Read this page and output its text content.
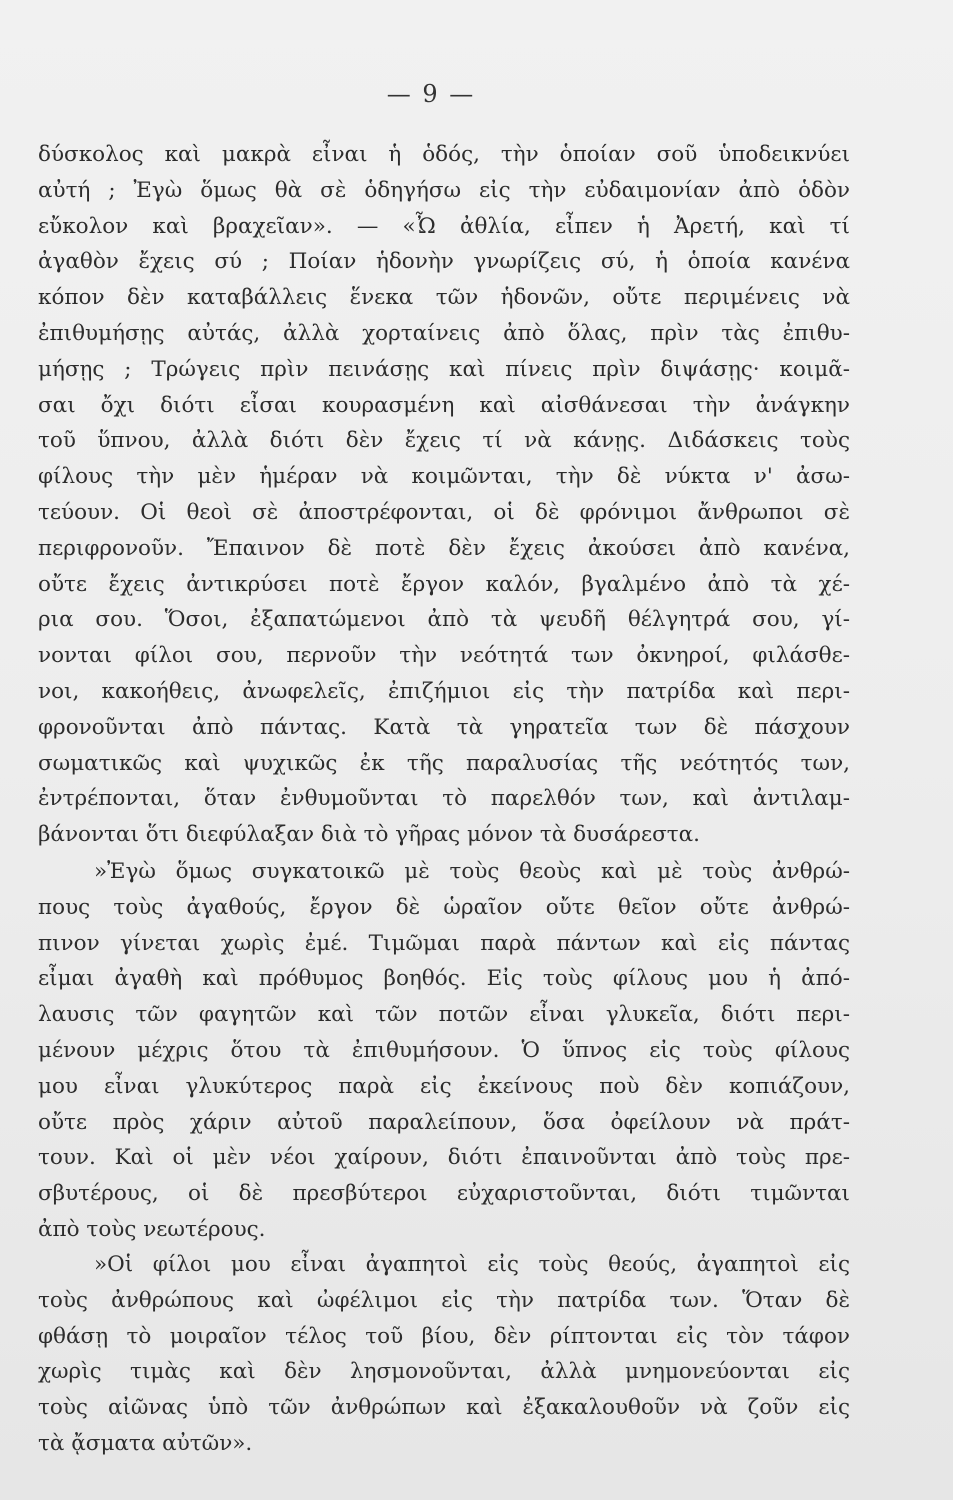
— 9 —
δύσκολος καὶ μακρὰ εἶναι ἡ ὁδός, τὴν ὁποίαν σοῦ ὑποδεικνύει
αὐτή ; Ἐγὼ ὅμως θὰ σὲ ὁδηγήσω εἰς τὴν εὐδαιμονίαν ἀπὸ ὁδὸν
εὔκολον καὶ βραχεῖαν». — «Ὦ ἀθλία, εἶπεν ἡ Ἀρετή, καὶ τί
ἀγαθὸν ἔχεις σύ ; Ποίαν ἡδονὴν γνωρίζεις σύ, ἡ ὁποία κανένα
κόπον δὲν καταβάλλεις ἕνεκα τῶν ἡδονῶν, οὔτε περιμένεις νὰ
ἐπιθυμήσῃς αὐτάς, ἀλλὰ χορταίνεις ἀπὸ ὅλας, πρὶν τὰς ἐπιθυ-
μήσῃς ; Τρώγεις πρὶν πεινάσῃς καὶ πίνεις πρὶν διψάσῃς· κοιμᾶ-
σαι ὄχι διότι εἶσαι κουρασμένη καὶ αἰσθάνεσαι τὴν ἀνάγκην
τοῦ ὕπνου, ἀλλὰ διότι δὲν ἔχεις τί νὰ κάνῃς. Διδάσκεις τοὺς
φίλους τὴν μὲν ἡμέραν νὰ κοιμῶνται, τὴν δὲ νύκτα ν' ἀσω-
τεύουν. Οἱ θεοὶ σὲ ἀποστρέφονται, οἱ δὲ φρόνιμοι ἄνθρωποι σὲ
περιφρονοῦν. Ἔπαινον δὲ ποτὲ δὲν ἔχεις ἀκούσει ἀπὸ κανένα,
οὔτε ἔχεις ἀντικρύσει ποτὲ ἔργον καλόν, βγαλμένο ἀπὸ τὰ χέ-
ρια σου. Ὅσοι, ἐξαπατώμενοι ἀπὸ τὰ ψευδῆ θέλγητρά σου, γί-
νονται φίλοι σου, περνοῦν τὴν νεότητά των ὀκνηροί, φιλάσθε-
νοι, κακοήθεις, ἀνωφελεῖς, ἐπιζήμιοι εἰς τὴν πατρίδα καὶ περι-
φρονοῦνται ἀπὸ πάντας. Κατὰ τὰ γηρατεῖα των δὲ πάσχουν
σωματικῶς καὶ ψυχικῶς ἐκ τῆς παραλυσίας τῆς νεότητός των,
ἐντρέπονται, ὅταν ἐνθυμοῦνται τὸ παρελθόν των, καὶ ἀντιλαμ-
βάνονται ὅτι διεφύλαξαν διὰ τὸ γῆρας μόνον τὰ δυσάρεστα.
»Ἐγὼ ὅμως συγκατοικῶ μὲ τοὺς θεοὺς καὶ μὲ τοὺς ἀνθρώ-
πους τοὺς ἀγαθούς, ἔργον δὲ ὡραῖον οὔτε θεῖον οὔτε ἀνθρώ-
πινον γίνεται χωρὶς ἐμέ. Τιμῶμαι παρὰ πάντων καὶ εἰς πάντας
εἶμαι ἀγαθὴ καὶ πρόθυμος βοηθός. Εἰς τοὺς φίλους μου ἡ ἀπό-
λαυσις τῶν φαγητῶν καὶ τῶν ποτῶν εἶναι γλυκεῖα, διότι περι-
μένουν μέχρις ὅτου τὰ ἐπιθυμήσουν. Ὁ ὕπνος εἰς τοὺς φίλους
μου εἶναι γλυκύτερος παρὰ εἰς ἐκείνους ποὺ δὲν κοπιάζουν,
οὔτε πρὸς χάριν αὐτοῦ παραλείπουν, ὅσα ὀφείλουν νὰ πράτ-
τουν. Καὶ οἱ μὲν νέοι χαίρουν, διότι ἐπαινοῦνται ἀπὸ τοὺς πρε-
σβυτέρους, οἱ δὲ πρεσβύτεροι εὐχαριστοῦνται, διότι τιμῶνται
ἀπὸ τοὺς νεωτέρους.
»Οἱ φίλοι μου εἶναι ἀγαπητοὶ εἰς τοὺς θεούς, ἀγαπητοὶ εἰς
τοὺς ἀνθρώπους καὶ ὠφέλιμοι εἰς τὴν πατρίδα των. Ὅταν δὲ
φθάσῃ τὸ μοιραῖον τέλος τοῦ βίου, δὲν ρίπτονται εἰς τὸν τάφον
χωρὶς τιμὰς καὶ δὲν λησμονοῦνται, ἀλλὰ μνημονεύονται εἰς
τοὺς αἰῶνας ὑπὸ τῶν ἀνθρώπων καὶ ἐξακαλουθοῦν νὰ ζοῦν εἰς
τὰ ᾄσματα αὐτῶν».
